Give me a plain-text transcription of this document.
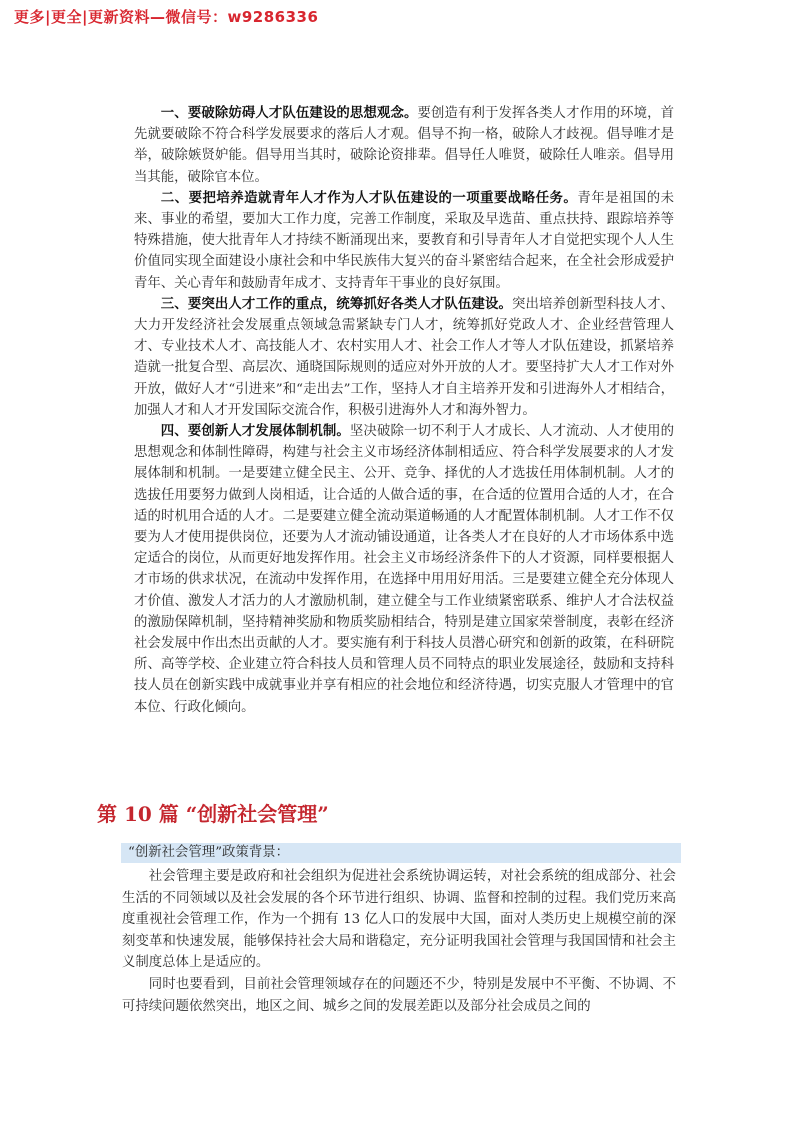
更多|更全|更新资料—微信号：w9286336

一、要破除妨碍人才队伍建设的思想观念。要创造有利于发挥各类人才作用的环境，首先就要破除不符合科学发展要求的落后人才观。倡导不拘一格，破除人才歧视。倡导唯才是举，破除嫉贤妒能。倡导用当其时，破除论资排辈。倡导任人唯贤，破除任人唯亲。倡导用当其能，破除官本位。

二、要把培养造就青年人才作为人才队伍建设的一项重要战略任务。青年是祖国的未来、事业的希望，要加大工作力度，完善工作制度，采取及早选苗、重点扶持、跟踪培养等特殊措施，使大批青年人才持续不断涌现出来，要教育和引导青年人才自觉把实现个人人生价值同实现全面建设小康社会和中华民族伟大复兴的奋斗紧密结合起来，在全社会形成爱护青年、关心青年和鼓励青年成才、支持青年干事业的良好氛围。

三、要突出人才工作的重点，统筹抓好各类人才队伍建设。突出培养创新型科技人才、大力开发经济社会发展重点领域急需紧缺专门人才，统筹抓好党政人才、企业经营管理人才、专业技术人才、高技能人才、农村实用人才、社会工作人才等人才队伍建设，抓紧培养造就一批复合型、高层次、通晓国际规则的适应对外开放的人才。要坚持扩大人才工作对外开放，做好人才“引进来”和“走出去”工作，坚持人才自主培养开发和引进海外人才相结合，加强人才和人才开发国际交流合作，积极引进海外人才和海外智力。

四、要创新人才发展体制机制。坚决破除一切不利于人才成长、人才流动、人才使用的思想观念和体制性障碍，构建与社会主义市场经济体制相适应、符合科学发展要求的人才发展体制和机制。一是要建立健全民主、公开、竞争、择优的人才选拔任用体制机制。人才的选拔任用要努力做到人岗相适，让合适的人做合适的事，在合适的位置用合适的人才，在合适的时机用合适的人才。二是要建立健全流动渠道畅通的人才配置体制机制。人才工作不仅要为人才使用提供岗位，还要为人才流动铺设通道，让各类人才在良好的人才市场体系中选定适合的岗位，从而更好地发挥作用。社会主义市场经济条件下的人才资源，同样要根据人才市场的供求状况，在流动中发挥作用，在选择中用用好用活。三是要建立健全充分体现人才价值、激发人才活力的人才激励机制，建立健全与工作业绩紧密联系、维护人才合法权益的激励保障机制，坚持精神奖励和物质奖励相结合，特别是建立国家荣誉制度，表彰在经济社会发展中作出杰出贡献的人才。要实施有利于科技人员潜心研究和创新的政策，在科研院所、高等学校、企业建立符合科技人员和管理人员不同特点的职业发展途径，鼓励和支持科技人员在创新实践中成就事业并享有相应的社会地位和经济待遇，切实克服人才管理中的官本位、行政化倾向。

第 10 篇 “创新社会管理”
“创新社会管理”政策背景：

社会管理主要是政府和社会组织为促进社会系统协调运转，对社会系统的组成部分、社会生活的不同领域以及社会发展的各个环节进行组织、协调、监督和控制的过程。我们党历来高度重视社会管理工作，作为一个拥有 13 亿人口的发展中大国，面对人类历史上规模空前的深刻变革和快速发展，能够保持社会大局和谐稳定，充分证明我国社会管理与我国国情和社会主义制度总体上是适应的。

同时也要看到，目前社会管理领域存在的问题还不少，特别是发展中不平衡、不协调、不可持续问题依然突出，地区之间、城乡之间的发展差距以及部分社会成员之间的
